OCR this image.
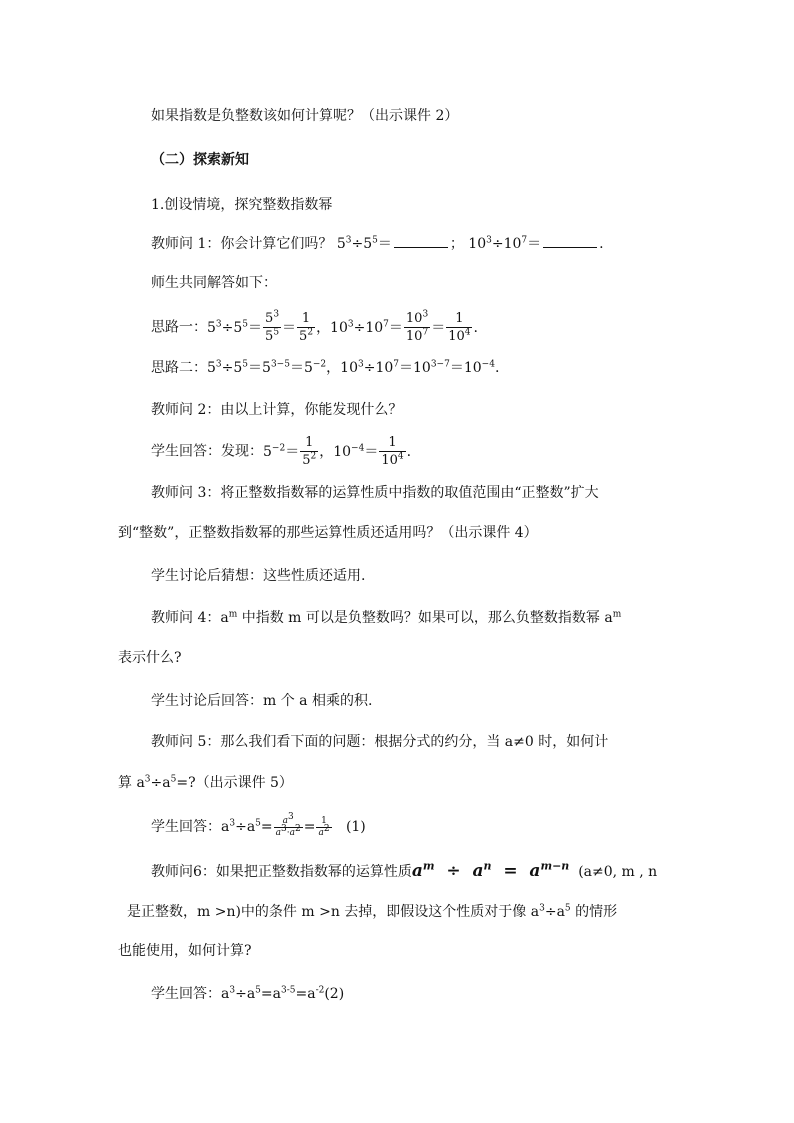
如果指数是负整数该如何计算呢？（出示课件 2）
（二）探索新知
1.创设情境，探究整数指数幂
教师问 1：你会计算它们吗？ $5^3\div 5^5=$	； $10^3\div 10^7=$	.
师生共同解答如下：
思路一：$5^3\div 5^5= \frac{5^3}{5^5} = \frac{1}{5^2}$ ，$10^3\div 10^7= \frac{10^3}{10^7} = \frac{1}{10^4}$ .
思路二：$5^3\div 5^5=5^{3-5}=5^{-2}$，$10^3\div 10^7=10^{3-7}=10^{-4}$.
教师问 2：由以上计算，你能发现什么？
学生回答：发现：$5^{-2}= \frac{1}{5^2}$ ，$10^{-4}= \frac{1}{10^4}$ .
教师问 3：将正整数指数幂的运算性质中指数的取值范围由“正整数”扩大
到“整数”，正整数指数幂的那些运算性质还适用吗？（出示课件 4）
学生讨论后猜想：这些性质还适用.
教师问 4：$a^m$ 中指数 m 可以是负整数吗？如果可以，那么负整数指数幂 $a^m$
表示什么?
学生讨论后回答：m 个 a 相乘的积.
教师问 5：那么我们看下面的问题：根据分式的约分，当 a≠0 时，如何计
算 $a^3\div a^5=$?（出示课件 5）
学生回答：$a^3\div a^5= \frac{a^3}{a^3\cdot a^2} = \frac{1}{a^2} (1)$
教师问6：如果把正整数指数幂的运算性质$a^m \div a^n = a^{m-n}$ (a≠0, m , n
是正整数，m >n)中的条件 m >n 去掉，即假设这个性质对于像 $a^3\div a^5$ 的情形
也能使用，如何计算?
学生回答：$a^3\div a^5=a^{3-5}=a^{-2}(2)$
